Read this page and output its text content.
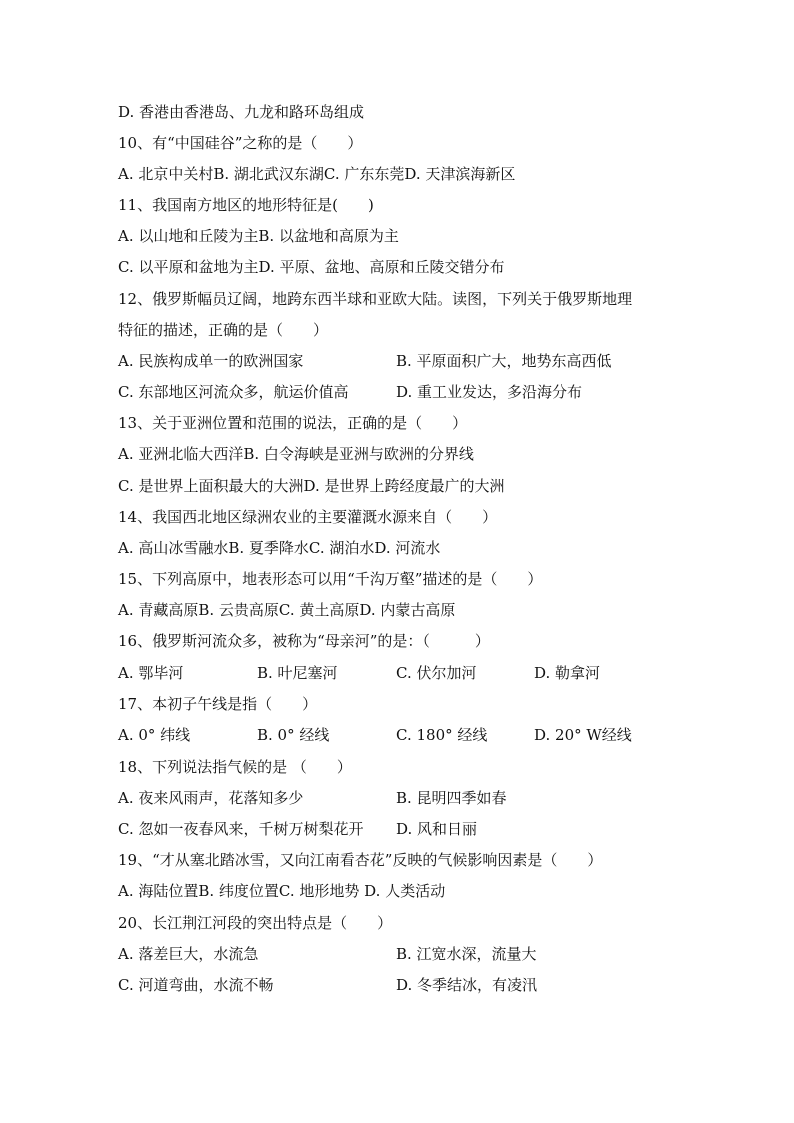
D. 香港由香港岛、九龙和路环岛组成
10、有“中国硅谷”之称的是（　　）
A. 北京中关村B. 湖北武汉东湖C. 广东东莞D. 天津滨海新区
11、我国南方地区的地形特征是(　　)
A. 以山地和丘陵为主B. 以盆地和高原为主
C. 以平原和盆地为主D. 平原、盆地、高原和丘陵交错分布
12、俄罗斯幅员辽阔，地跨东西半球和亚欧大陆。读图，下列关于俄罗斯地理
特征的描述，正确的是（　　）
A. 民族构成单一的欧洲国家	B. 平原面积广大，地势东高西低
C. 东部地区河流众多，航运价值高	D. 重工业发达，多沿海分布
13、关于亚洲位置和范围的说法，正确的是（　　）
A. 亚洲北临大西洋B. 白令海峡是亚洲与欧洲的分界线
C. 是世界上面积最大的大洲D. 是世界上跨经度最广的大洲
14、我国西北地区绿洲农业的主要灌溉水源来自（　　）
A. 高山冰雪融水B. 夏季降水C. 湖泊水D. 河流水
15、下列高原中，地表形态可以用“千沟万壑”描述的是（　　）
A. 青藏高原B. 云贵高原C. 黄土高原D. 内蒙古高原
16、俄罗斯河流众多，被称为“母亲河”的是：（　　　）
A. 鄂毕河	B. 叶尼塞河	C. 伏尔加河	D. 勒拿河
17、本初子午线是指（　　）
A. 0° 纬线	B. 0° 经线	C. 180° 经线	D. 20° W经线
18、下列说法指气候的是 （　　）
A. 夜来风雨声，花落知多少	B. 昆明四季如春
C. 忽如一夜春风来，千树万树梨花开 D. 风和日丽
19、“才从塞北踏冰雪，又向江南看杏花”反映的气候影响因素是（　　）
A. 海陆位置B. 纬度位置C. 地形地势 D. 人类活动
20、长江荆江河段的突出特点是（　　）
A. 落差巨大，水流急	B. 江宽水深，流量大
C. 河道弯曲，水流不畅	D. 冬季结冰，有凌汛
